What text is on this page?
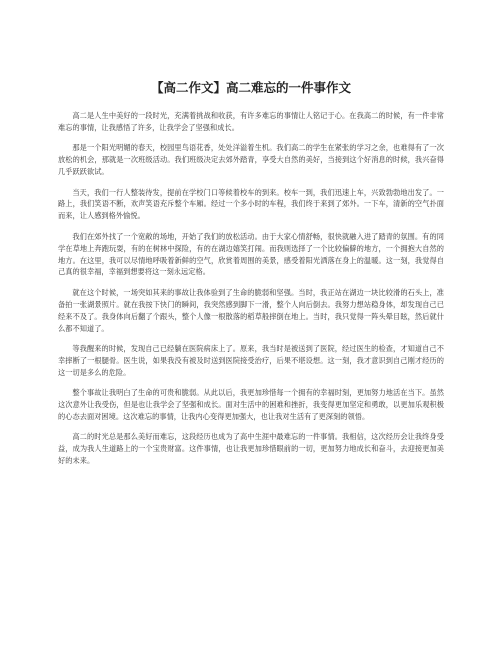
【高二作文】高二难忘的一件事作文

高二是人生中美好的一段时光，充满着挑战和收获，有许多难忘的事情让人铭记于心。在我高二的时候，有一件非常难忘的事情，让我感悟了许多，让我学会了坚强和成长。

那是一个阳光明媚的春天，校园里鸟语花香，处处洋溢着生机。我们高二的学生在紧张的学习之余，也难得有了一次放松的机会，那就是一次班级活动。我们班级决定去郊外踏青，享受大自然的美好，当接到这个好消息的时候，我兴奋得几乎跃跃欲试。

当天，我们一行人整装待发，提前在学校门口等候着校车的到来。校车一到，我们迅速上车，兴致勃勃地出发了。一路上，我们笑语不断，欢声笑语充斥整个车厢。经过一个多小时的车程，我们终于来到了郊外。一下车，清新的空气扑面而来，让人感到格外愉悦。

我们在郊外找了一个宽敞的场地，开始了我们的放松活动。由于大家心情舒畅，很快就融入进了踏青的氛围。有的同学在草地上奔跑玩耍，有的在树林中探险，有的在湖边嬉笑打闹。而我则选择了一个比较偏僻的地方，一个拥抱大自然的地方。在这里，我可以尽情地呼吸着新鲜的空气，欣赏着周围的美景，感受着阳光洒落在身上的温暖。这一刻，我觉得自己真的很幸福，幸福到想要将这一刻永远定格。

就在这个时候，一场突如其来的事故让我体验到了生命的脆弱和坚强。当时，我正站在湖边一块比较滑的石头上，准备拍一张湖景照片。就在我按下快门的瞬间，我突然感到脚下一滑，整个人向后倒去。我努力想站稳身体，却发现自己已经来不及了。我身体向后翻了个跟头，整个人像一根散落的稻草般摔倒在地上。当时，我只觉得一阵头晕目眩，然后就什么都不知道了。

等我醒来的时候，发现自己已经躺在医院病床上了。原来，我当时是被送到了医院，经过医生的检查，才知道自己不幸摔断了一根腿骨。医生说，如果我没有被及时送到医院接受治疗，后果不堪设想。这一刻，我才意识到自己刚才经历的这一切是多么的危险。

整个事故让我明白了生命的可贵和脆弱。从此以后，我更加珍惜每一个拥有的幸福时刻，更加努力地活在当下。虽然这次意外让我受伤，但是也让我学会了坚强和成长。面对生活中的困难和挫折，我变得更加坚定和勇敢，以更加乐观积极的心态去面对困境。这次难忘的事情，让我内心变得更加强大，也让我对生活有了更深刻的领悟。

高二的时光总是那么美好而难忘，这段经历也成为了高中生涯中最难忘的一件事情。我相信，这次经历会让我终身受益，成为我人生道路上的一个宝贵财富。这件事情，也让我更加珍惜眼前的一切，更加努力地成长和奋斗，去迎接更加美好的未来。
